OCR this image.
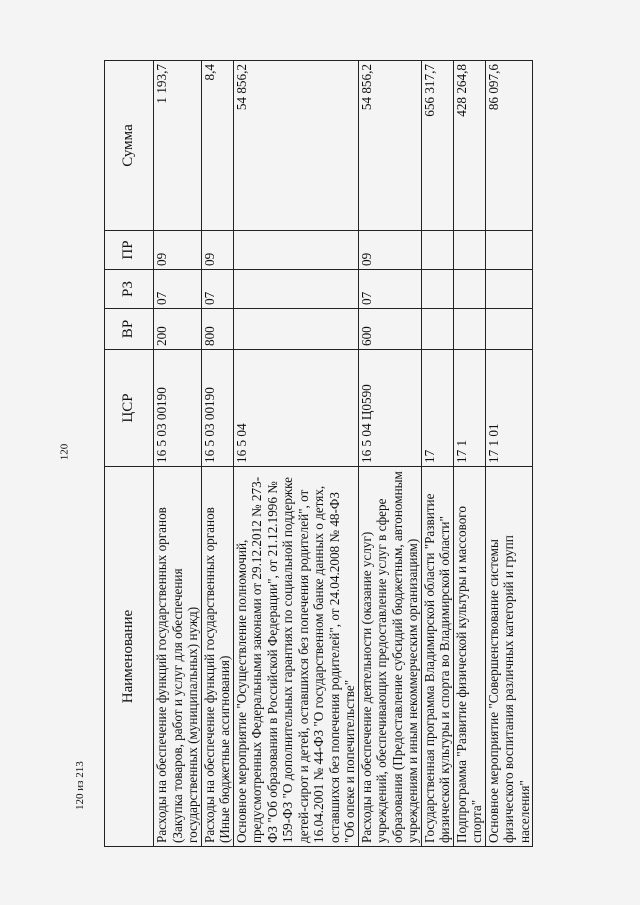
120
120 из 213
Наименование	ЦСР	ВР	РЗ	ПР	Сумма
Расходы на обеспечение функций государственных органов (Закупка товаров, работ и услуг для обеспечения государственных (муниципальных) нужд)	16 5 03 00190	200	07	09	1 193,7
Расходы на обеспечение функций государственных органов (Иные бюджетные ассигнования)	16 5 03 00190	800	07	09	8,4
Основное мероприятие "Осуществление полномочий, предусмотренных Федеральными законами от 29.12.2012 № 273-ФЗ "Об образовании в Российской Федерации", от 21.12.1996 № 159-ФЗ "О дополнительных гарантиях по социальной поддержке детей-сирот и детей, оставшихся без попечения родителей", от 16.04.2001 № 44-ФЗ "О государственном банке данных о детях, оставшихся без попечения родителей", от 24.04.2008 № 48-ФЗ "Об опеке и попечительстве"	16 5 04				54 856,2
Расходы на обеспечение деятельности (оказание услуг) учреждений, обеспечивающих предоставление услуг в сфере образования (Предоставление субсидий бюджетным, автономным учреждениям и иным некоммерческим организациям)	16 5 04 Ц0590	600	07	09	54 856,2
Государственная программа Владимирской области "Развитие физической культуры и спорта во Владимирской области"	17				656 317,7
Подпрограмма "Развитие физической культуры и массового спорта"	17 1				428 264,8
Основное мероприятие "Совершенствование системы физического воспитания различных категорий и групп населения"	17 1 01				86 097,6
